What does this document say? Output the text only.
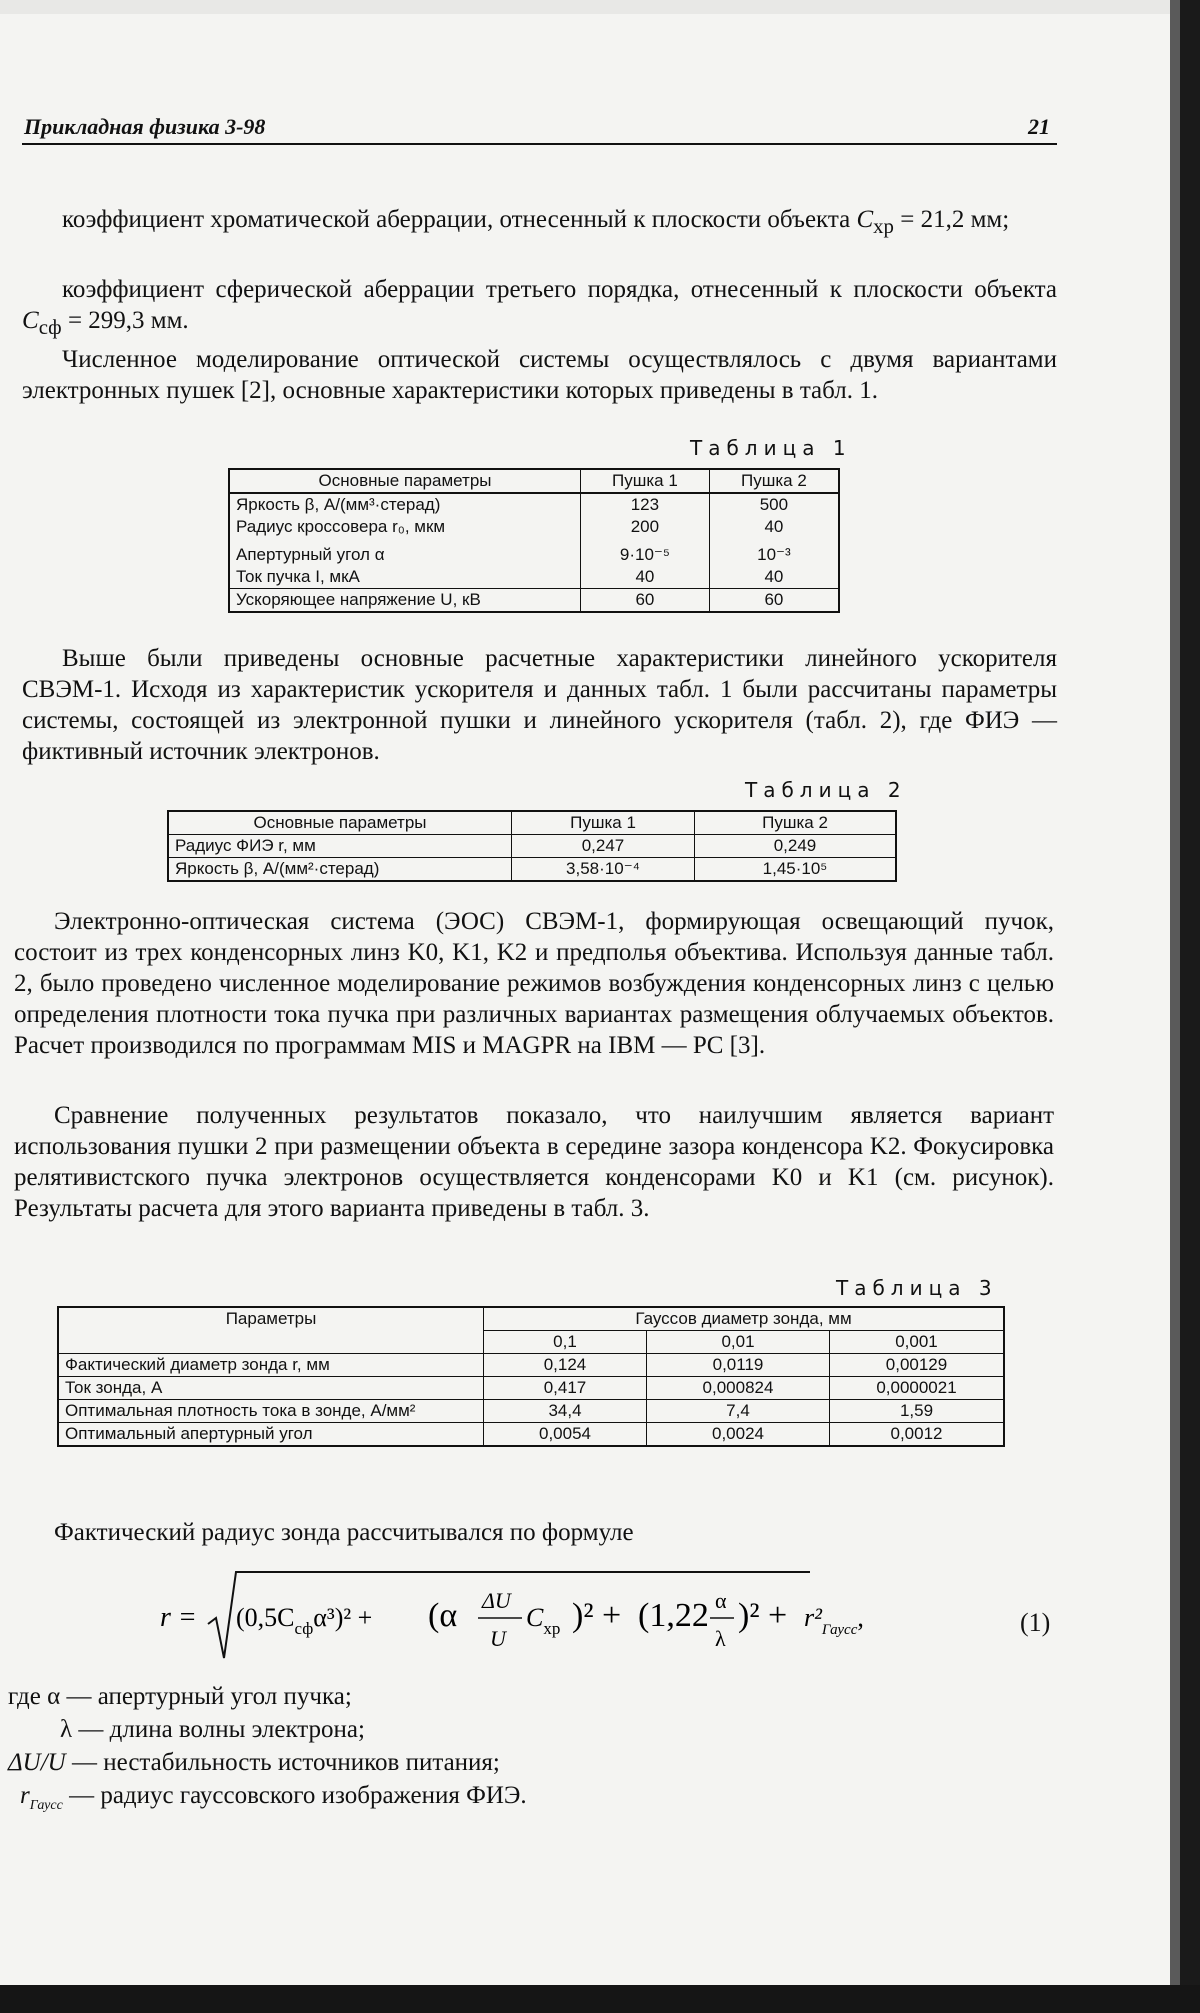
Прикладная физика 3-98	21

коэффициент хроматической аберрации, отнесенный к плоскости объекта $C_{хр} = 21,2$ мм;

коэффициент сферической аберрации третьего порядка, отнесенный к плоскости объекта $C_{сф} = 299,3$ мм.

Численное моделирование оптической системы осуществлялось с двумя вариантами электронных пушек [2], основные характеристики которых приведены в табл. 1.

Таблица 1
Основные параметры	Пушка 1	Пушка 2
Яркость β, А/(мм³·стерад)	123	500
Радиус кроссовера r₀, мкм	200	40
Апертурный угол α	9·10⁻⁵	10⁻³
Ток пучка I, мкА	40	40
Ускоряющее напряжение U, кВ	60	60

Выше были приведены основные расчетные характеристики линейного ускорителя СВЭМ-1. Исходя из характеристик ускорителя и данных табл. 1 были рассчитаны параметры системы, состоящей из электронной пушки и линейного ускорителя (табл. 2), где ФИЭ — фиктивный источник электронов.

Таблица 2
Основные параметры	Пушка 1	Пушка 2
Радиус ФИЭ r, мм	0,247	0,249
Яркость β, А/(мм²·стерад)	3,58·10⁻⁴	1,45·10⁵

Электронно-оптическая система (ЭОС) СВЭМ-1, формирующая освещающий пучок, состоит из трех конденсорных линз K0, K1, K2 и предполья объектива. Используя данные табл. 2, было проведено численное моделирование режимов возбуждения конденсорных линз с целью определения плотности тока пучка при различных вариантах размещения облучаемых объектов. Расчет производился по программам MIS и MAGPR на IBM — PC [3].

Сравнение полученных результатов показало, что наилучшим является вариант использования пушки 2 при размещении объекта в середине зазора конденсора K2. Фокусировка релятивистского пучка электронов осуществляется конденсорами K0 и K1 (см. рисунок). Результаты расчета для этого варианта приведены в табл. 3.

Таблица 3
Параметры	Гауссов диаметр зонда, мм		
	0,1	0,01	0,001
Фактический диаметр зонда r, мм	0,124	0,0119	0,00129
Ток зонда, А	0,417	0,000824	0,0000021
Оптимальная плотность тока в зонде, А/мм²	34,4	7,4	1,59
Оптимальный апертурный угол	0,0054	0,0024	0,0012

Фактический радиус зонда рассчитывался по формуле

$r = (0,5C_{сф}\alpha^3)^2 + (\alpha$ ΔU
U
$C_{хр}$ )² + (1,22 α
λ
)$^2 + r^2_{Гаусс}$,	(1)
где α — апертурный угол пучка;
λ — длина волны электрона;
ΔU/U — нестабильность источников питания;
$r_{Гаусс}$ — радиус гауссовского изображения ФИЭ.
